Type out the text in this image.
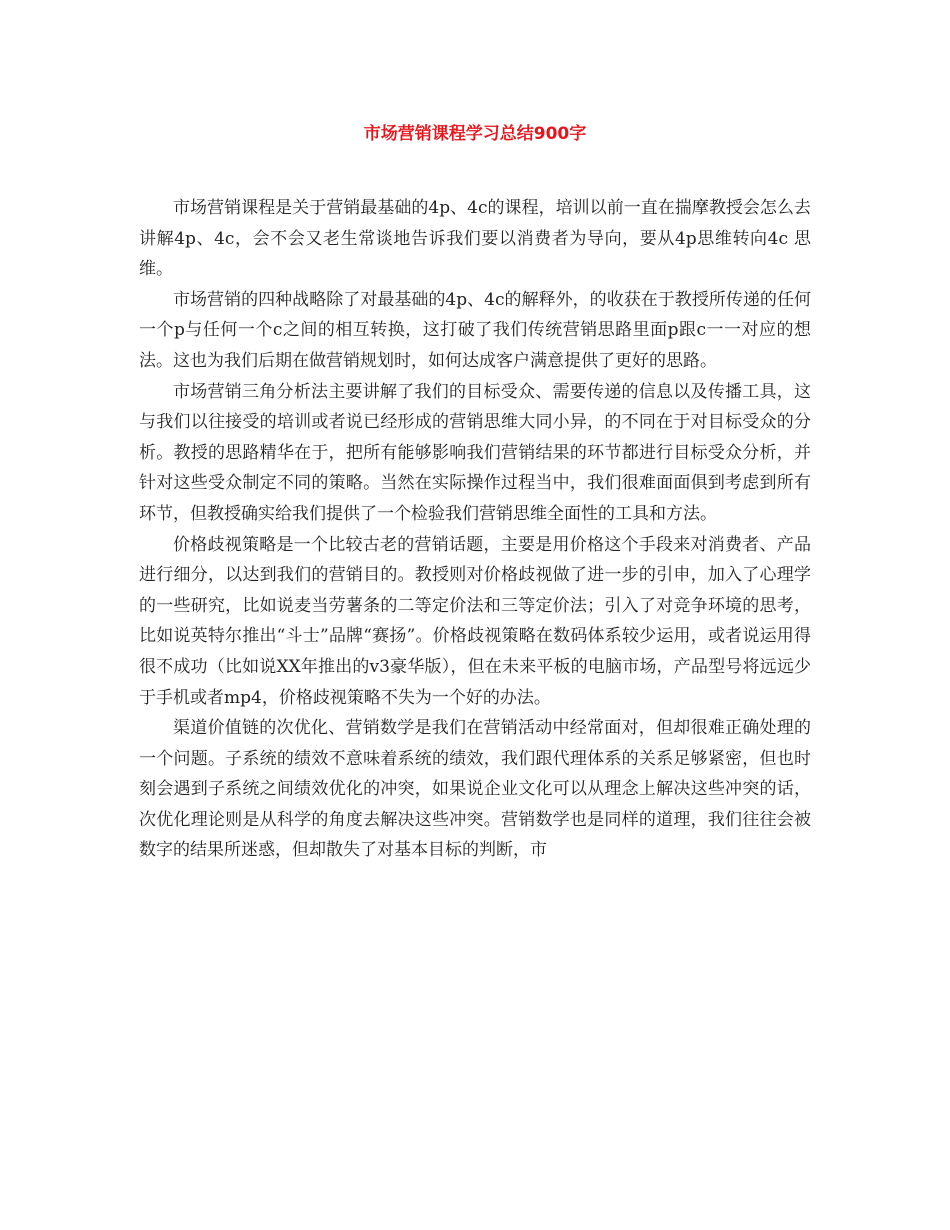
市场营销课程学习总结900字

市场营销课程是关于营销最基础的4p、4c的课程，培训以前一直在揣摩教授会怎么去讲解4p、4c，会不会又老生常谈地告诉我们要以消费者为导向，要从4p思维转向4c 思维。

市场营销的四种战略除了对最基础的4p、4c的解释外，的收获在于教授所传递的任何一个p与任何一个c之间的相互转换，这打破了我们传统营销思路里面p跟c一一对应的想法。这也为我们后期在做营销规划时，如何达成客户满意提供了更好的思路。

市场营销三角分析法主要讲解了我们的目标受众、需要传递的信息以及传播工具，这与我们以往接受的培训或者说已经形成的营销思维大同小异，的不同在于对目标受众的分析。教授的思路精华在于，把所有能够影响我们营销结果的环节都进行目标受众分析，并针对这些受众制定不同的策略。当然在实际操作过程当中，我们很难面面俱到考虑到所有环节，但教授确实给我们提供了一个检验我们营销思维全面性的工具和方法。

价格歧视策略是一个比较古老的营销话题，主要是用价格这个手段来对消费者、产品进行细分，以达到我们的营销目的。教授则对价格歧视做了进一步的引申，加入了心理学的一些研究，比如说麦当劳薯条的二等定价法和三等定价法；引入了对竞争环境的思考，比如说英特尔推出“斗士”品牌“赛扬”。价格歧视策略在数码体系较少运用，或者说运用得很不成功（比如说XX年推出的v3豪华版），但在未来平板的电脑市场，产品型号将远远少于手机或者mp4，价格歧视策略不失为一个好的办法。

渠道价值链的次优化、营销数学是我们在营销活动中经常面对，但却很难正确处理的一个问题。子系统的绩效不意味着系统的绩效，我们跟代理体系的关系足够紧密，但也时刻会遇到子系统之间绩效优化的冲突，如果说企业文化可以从理念上解决这些冲突的话，次优化理论则是从科学的角度去解决这些冲突。营销数学也是同样的道理，我们往往会被数字的结果所迷惑，但却散失了对基本目标的判断，市
